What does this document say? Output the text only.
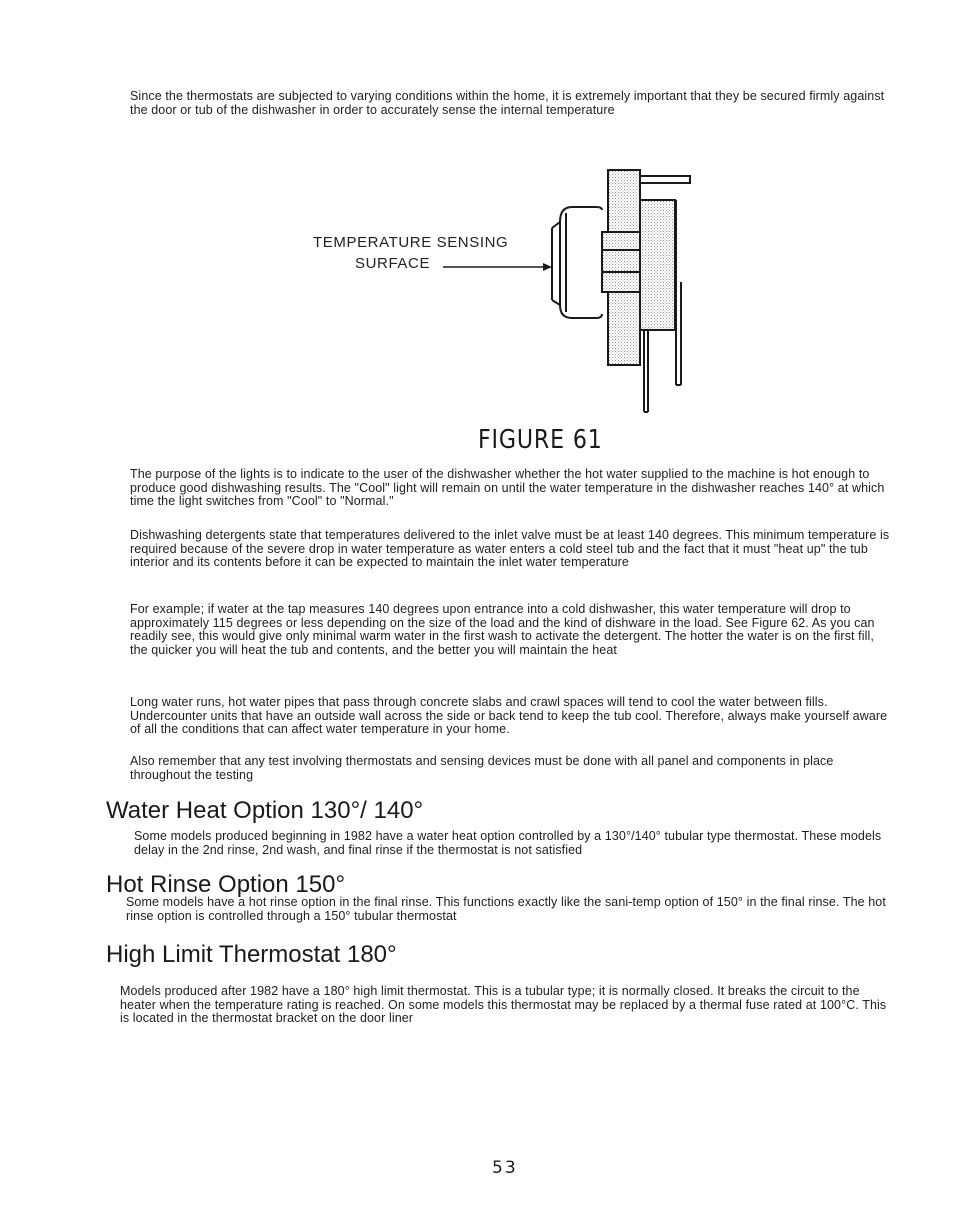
Since the thermostats are subjected to varying conditions within the home, it is extremely important that they be secured firmly against the door or tub of the dishwasher in order to accurately sense the internal temperature

TEMPERATURE SENSING

SURFACE

FIGURE 61

The purpose of the lights is to indicate to the user of the dishwasher whether the hot water supplied to the machine is hot enough to produce good dishwashing results. The "Cool" light will remain on until the water temperature in the dishwasher reaches 140° at which time the light switches from "Cool" to "Normal."

Dishwashing detergents state that temperatures delivered to the inlet valve must be at least 140 degrees. This minimum temperature is required because of the severe drop in water temperature as water enters a cold steel tub and the fact that it must "heat up" the tub interior and its contents before it can be expected to maintain the inlet water temperature

For example; if water at the tap measures 140 degrees upon entrance into a cold dishwasher, this water temperature will drop to approximately 115 degrees or less depending on the size of the load and the kind of dishware in the load. See Figure 62. As you can readily see, this would give only minimal warm water in the first wash to activate the detergent. The hotter the water is on the first fill, the quicker you will heat the tub and contents, and the better you will maintain the heat

Long water runs, hot water pipes that pass through concrete slabs and crawl spaces will tend to cool the water between fills. Undercounter units that have an outside wall across the side or back tend to keep the tub cool. Therefore, always make yourself aware of all the conditions that can affect water temperature in your home.

Also remember that any test involving thermostats and sensing devices must be done with all panel and components in place throughout the testing

Water Heat Option 130°/ 140°

Some models produced beginning in 1982 have a water heat option controlled by a 130°/140° tubular type thermostat. These models delay in the 2nd rinse, 2nd wash, and final rinse if the thermostat is not satisfied

Hot Rinse Option 150°

Some models have a hot rinse option in the final rinse. This functions exactly like the sani-temp option of 150° in the final rinse. The hot rinse option is controlled through a 150° tubular thermostat

High Limit Thermostat 180°

Models produced after 1982 have a 180° high limit thermostat. This is a tubular type; it is normally closed. It breaks the circuit to the heater when the temperature rating is reached. On some models this thermostat may be replaced by a thermal fuse rated at 100°C. This is located in the thermostat bracket on the door liner

53
